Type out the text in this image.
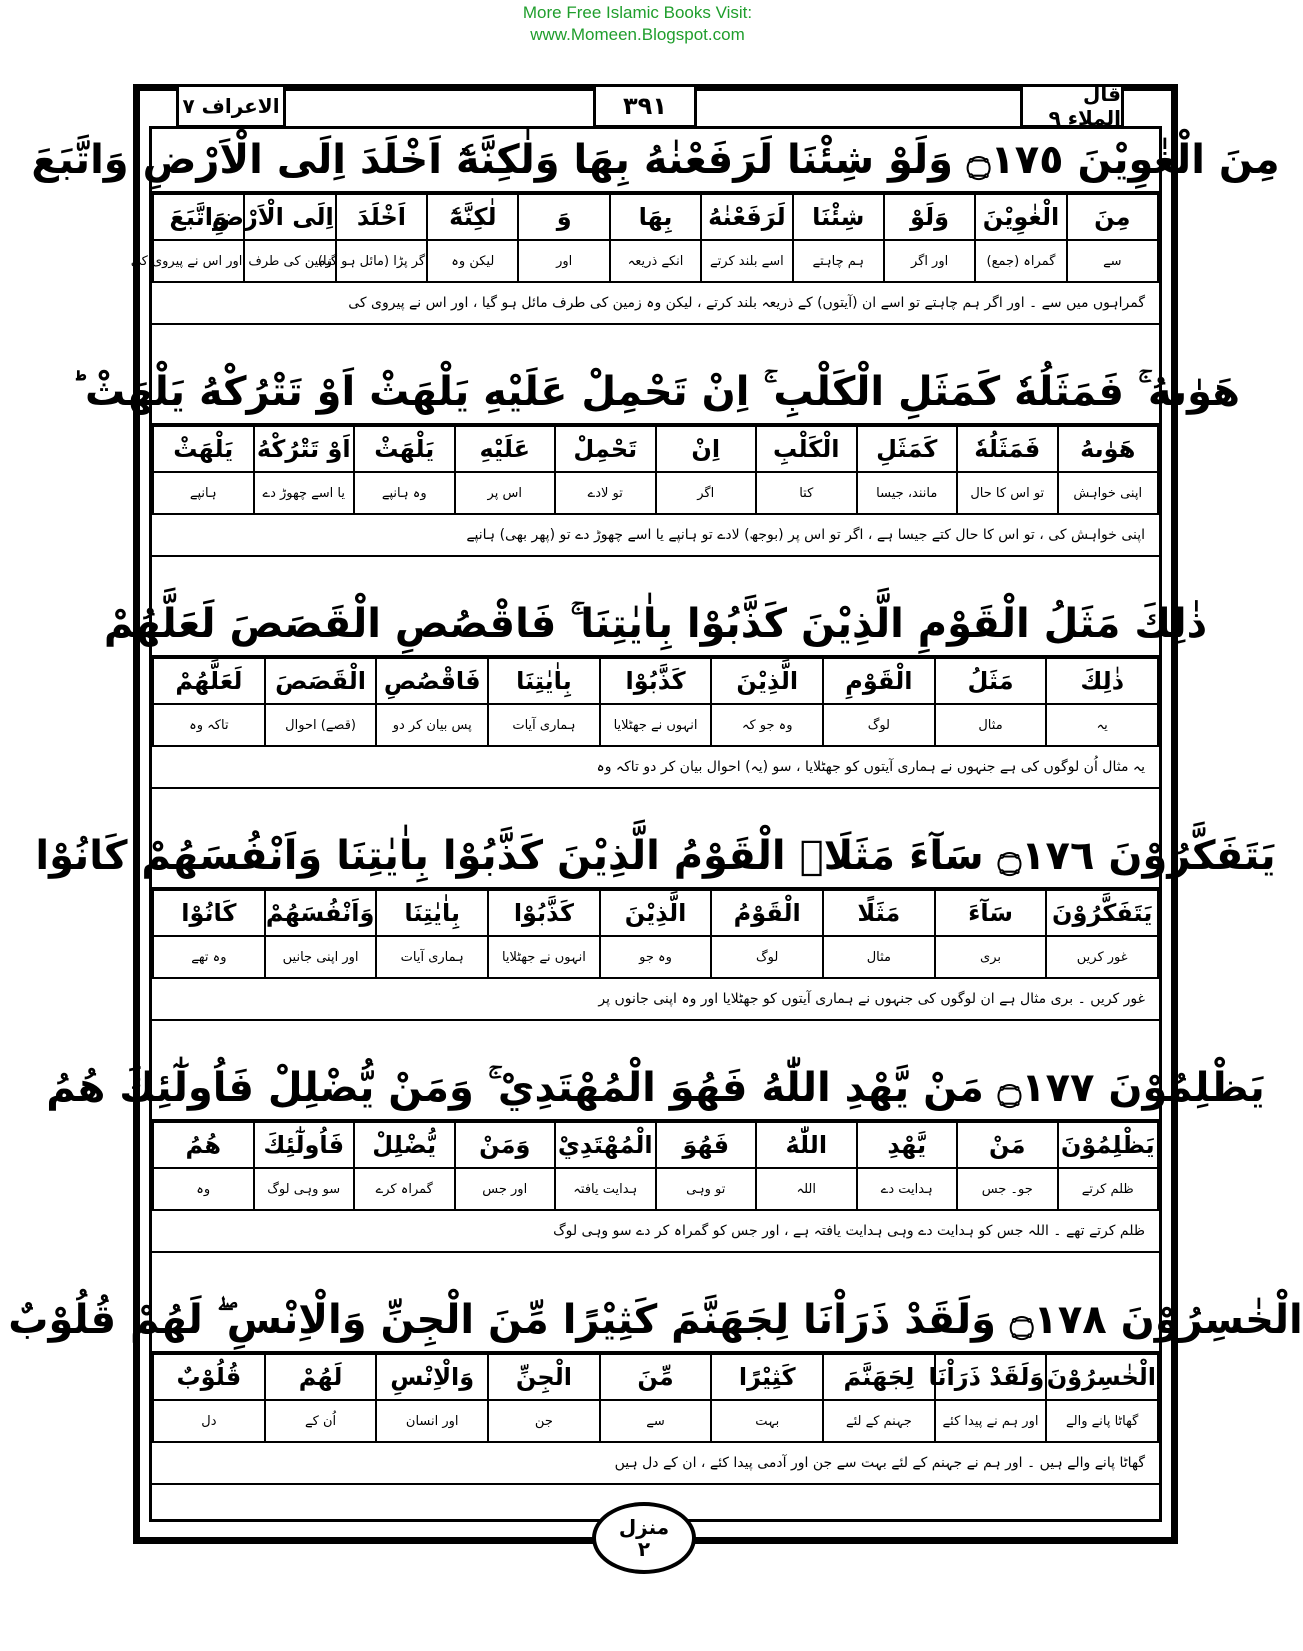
More Free Islamic Books Visit:
www.Momeen.Blogspot.com
الاعراف ٧	۳۹۱	قال الملاء ٩
مِنَ الْغٰوِيْنَ ۝١٧٥ وَلَوْ شِئْنَا لَرَفَعْنٰهُ بِهَا وَلٰكِنَّهٗٓ اَخْلَدَ اِلَى الْاَرْضِ وَاتَّبَعَ
مِنَ	الْغٰوِيْنَ	وَلَوْ	شِئْنَا	لَرَفَعْنٰهُ	بِهَا	وَ	لٰكِنَّهٗٓ	اَخْلَدَ	اِلَى الْاَرْضِ	وَاتَّبَعَ
سے	گمراہ (جمع)	اور اگر	ہم چاہتے	اسے بلند کرتے	انکے ذریعہ	اور	لیکن وہ	گر پڑا (مائل ہو گیا)	زمین کی طرف	اور اس نے پیروی کی
گمراہوں میں سے ۔ اور اگر ہم چاہتے تو اسے ان (آیتوں) کے ذریعہ بلند کرتے ، لیکن وہ زمین کی طرف مائل ہو گیا ، اور اس نے پیروی کی
هَوٰىهُ ۚ فَمَثَلُهٗ كَمَثَلِ الْكَلْبِ ۚ اِنْ تَحْمِلْ عَلَيْهِ يَلْهَثْ اَوْ تَتْرُكْهُ يَلْهَثْ ؕ
هَوٰىهُ	فَمَثَلُهٗ	كَمَثَلِ	الْكَلْبِ	اِنْ	تَحْمِلْ	عَلَيْهِ	يَلْهَثْ	اَوْ تَتْرُكْهُ	يَلْهَثْ
اپنی خواہش	تو اس کا حال	مانند، جیسا	کتا	اگر	تو لادے	اس پر	وہ ہانپے	یا اسے چھوڑ دے	ہانپے
اپنی خواہش کی ، تو اس کا حال کتے جیسا ہے ، اگر تو اس پر (بوجھ) لادے تو ہانپے یا اسے چھوڑ دے تو (پھر بھی) ہانپے
ذٰلِكَ مَثَلُ الْقَوْمِ الَّذِيْنَ كَذَّبُوْا بِاٰيٰتِنَا ۚ فَاقْصُصِ الْقَصَصَ لَعَلَّهُمْ
ذٰلِكَ	مَثَلُ	الْقَوْمِ	الَّذِيْنَ	كَذَّبُوْا	بِاٰيٰتِنَا	فَاقْصُصِ	الْقَصَصَ	لَعَلَّهُمْ
یہ	مثال	لوگ	وہ جو کہ	انہوں نے جھٹلایا	ہماری آیات	پس بیان کر دو	(قصے) احوال	تاکہ وہ
یہ مثال اُن لوگوں کی ہے جنہوں نے ہماری آیتوں کو جھٹلایا ، سو (یہ) احوال بیان کر دو تاکہ وہ
يَتَفَكَّرُوْنَ ۝١٧٦ سَآءَ مَثَلَاۨ الْقَوْمُ الَّذِيْنَ كَذَّبُوْا بِاٰيٰتِنَا وَاَنْفُسَهُمْ كَانُوْا
يَتَفَكَّرُوْنَ	سَآءَ	مَثَلًا	الْقَوْمُ	الَّذِيْنَ	كَذَّبُوْا	بِاٰيٰتِنَا	وَاَنْفُسَهُمْ	كَانُوْا
غور کریں	بری	مثال	لوگ	وہ جو	انہوں نے جھٹلایا	ہماری آیات	اور اپنی جانیں	وہ تھے
غور کریں ۔ بری مثال ہے ان لوگوں کی جنہوں نے ہماری آیتوں کو جھٹلایا اور وہ اپنی جانوں پر
يَظْلِمُوْنَ ۝١٧٧ مَنْ يَّهْدِ اللّٰهُ فَهُوَ الْمُهْتَدِيْ ۚ وَمَنْ يُّضْلِلْ فَاُولٰٓئِكَ هُمُ
يَظْلِمُوْنَ	مَنْ	يَّهْدِ	اللّٰهُ	فَهُوَ	الْمُهْتَدِيْ	وَمَنْ	يُّضْلِلْ	فَاُولٰٓئِكَ	هُمُ
ظلم کرتے	جو۔ جس	ہدایت دے	اللہ	تو وہی	ہدایت یافتہ	اور جس	گمراہ کرے	سو وہی لوگ	وہ
ظلم کرتے تھے ۔ اللہ جس کو ہدایت دے وہی ہدایت یافتہ ہے ، اور جس کو گمراہ کر دے سو وہی لوگ
الْخٰسِرُوْنَ ۝١٧٨ وَلَقَدْ ذَرَاْنَا لِجَهَنَّمَ كَثِيْرًا مِّنَ الْجِنِّ وَالْاِنْسِ ۖ لَهُمْ قُلُوْبٌ
الْخٰسِرُوْنَ	وَلَقَدْ ذَرَاْنَا	لِجَهَنَّمَ	كَثِيْرًا	مِّنَ	الْجِنِّ	وَالْاِنْسِ	لَهُمْ	قُلُوْبٌ
گھاٹا پانے والے	اور ہم نے پیدا کئے	جہنم کے لئے	بہت	سے	جن	اور انسان	اُن کے	دل
گھاٹا پانے والے ہیں ۔ اور ہم نے جہنم کے لئے بہت سے جن اور آدمی پیدا کئے ، ان کے دل ہیں
منزل
٢
